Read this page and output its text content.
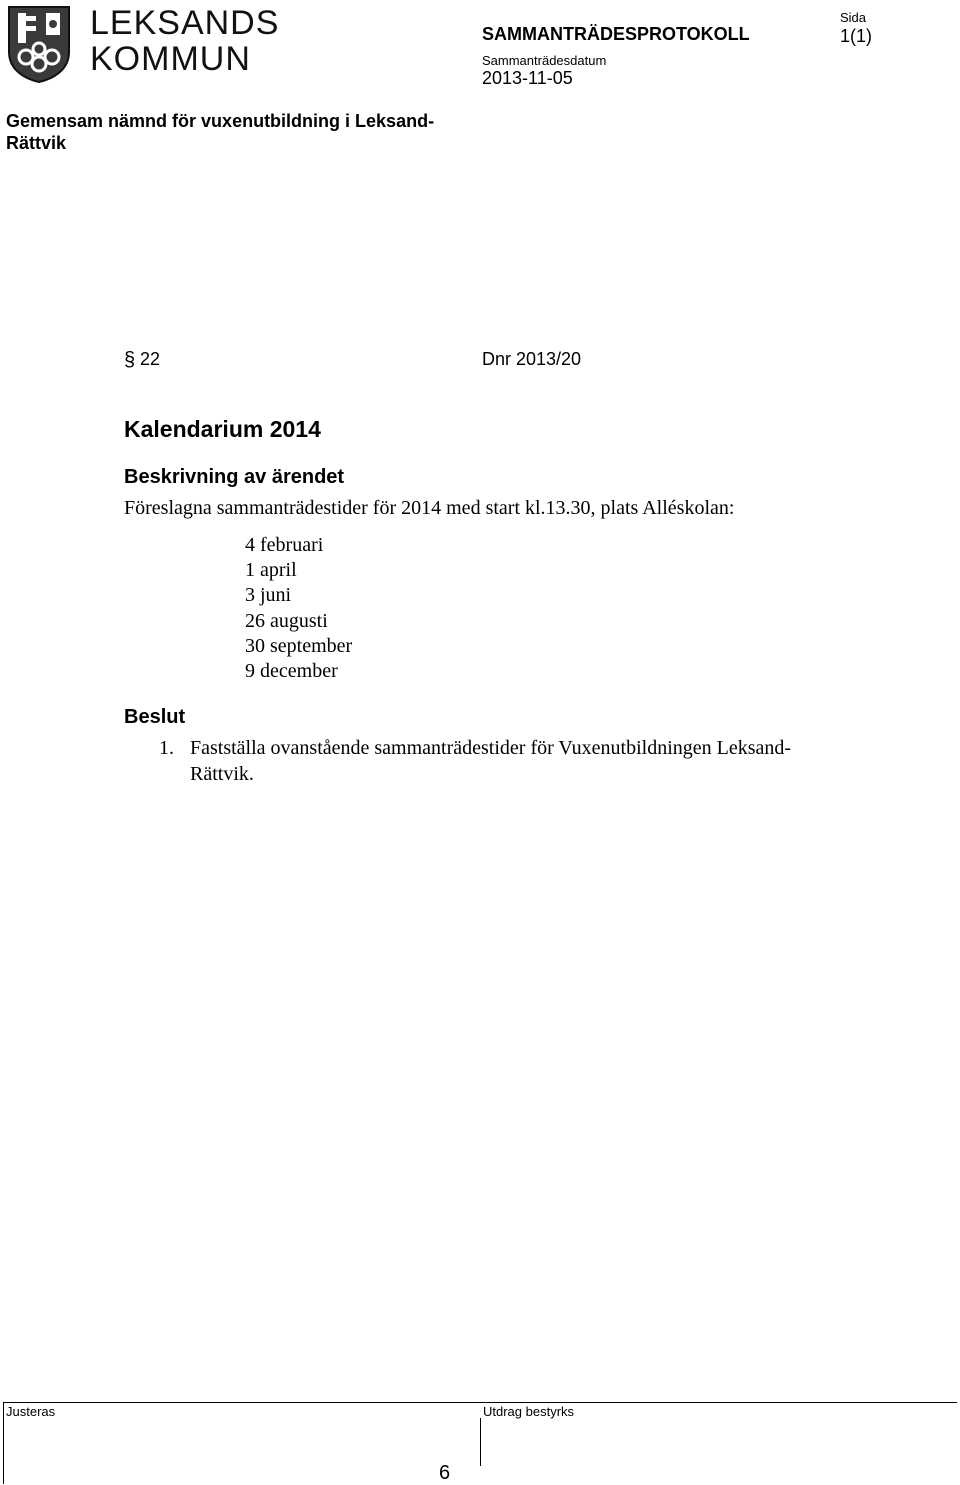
LEKSANDS
KOMMUN
SAMMANTRÄDESPROTOKOLL
Sida
1(1)
Sammanträdesdatum
2013-11-05
Gemensam nämnd för vuxenutbildning i Leksand-
Rättvik
§ 22	Dnr 2013/20
Kalendarium 2014
Beskrivning av ärendet
Föreslagna sammanträdestider för 2014 med start kl.13.30, plats Alléskolan:
4 februari
1 april
3 juni
26 augusti
30 september
9 december
Beslut
1. Fastställa ovanstående sammanträdestider för Vuxenutbildningen Leksand-Rättvik.
Justeras	Utdrag bestyrks
6
